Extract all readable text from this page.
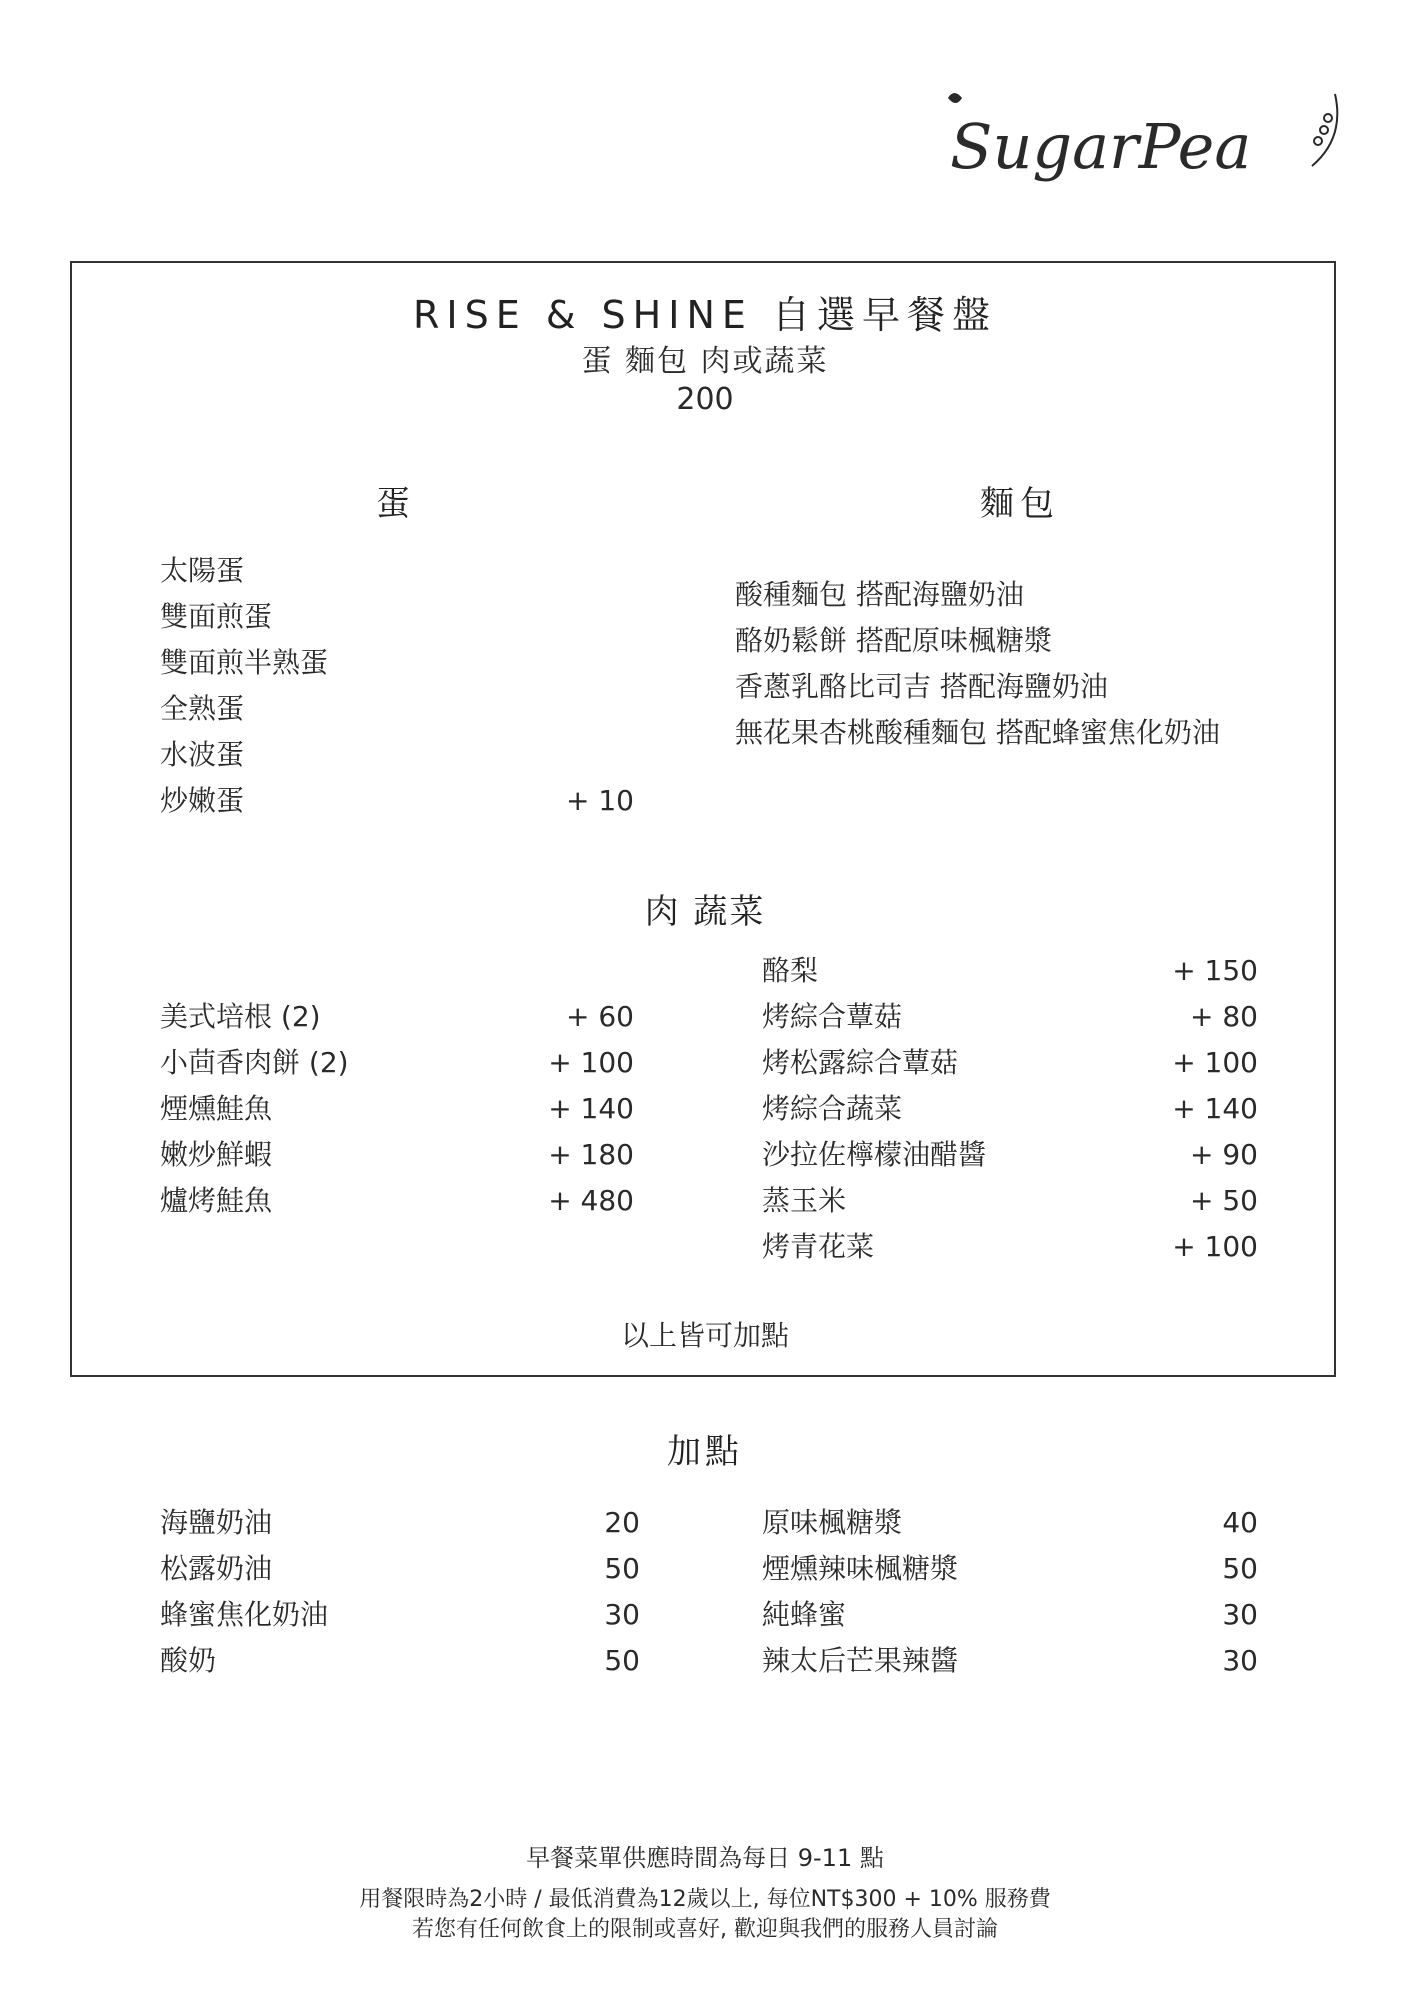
SugarPea
RISE & SHINE 自選早餐盤
蛋 麵包 肉或蔬菜
200
蛋	麵包
肉 蔬菜
太陽蛋
雙面煎蛋
雙面煎半熟蛋
全熟蛋
水波蛋
炒嫩蛋

	+ 10
酸種麵包 搭配海鹽奶油
酪奶鬆餅 搭配原味楓糖漿
香蔥乳酪比司吉 搭配海鹽奶油
無花果杏桃酸種麵包 搭配蜂蜜焦化奶油
美式培根 (2)
小茴香肉餅 (2)
煙燻鮭魚
嫩炒鮮蝦
爐烤鮭魚
+ 60
+ 100
+ 140
+ 180
+ 480
酪梨
烤綜合蕈菇
烤松露綜合蕈菇
烤綜合蔬菜
沙拉佐檸檬油醋醬
蒸玉米
烤青花菜
+ 150
+ 80
+ 100
+ 140
+ 90
+ 50
+ 100
以上皆可加點
加點
海鹽奶油
松露奶油
蜂蜜焦化奶油
酸奶
20
50
30
50
原味楓糖漿
煙燻辣味楓糖漿
純蜂蜜
辣太后芒果辣醬
40
50
30
30
早餐菜單供應時間為每日 9-11 點
用餐限時為2小時 / 最低消費為12歲以上, 每位NT$300 + 10% 服務費
若您有任何飲食上的限制或喜好, 歡迎與我們的服務人員討論
